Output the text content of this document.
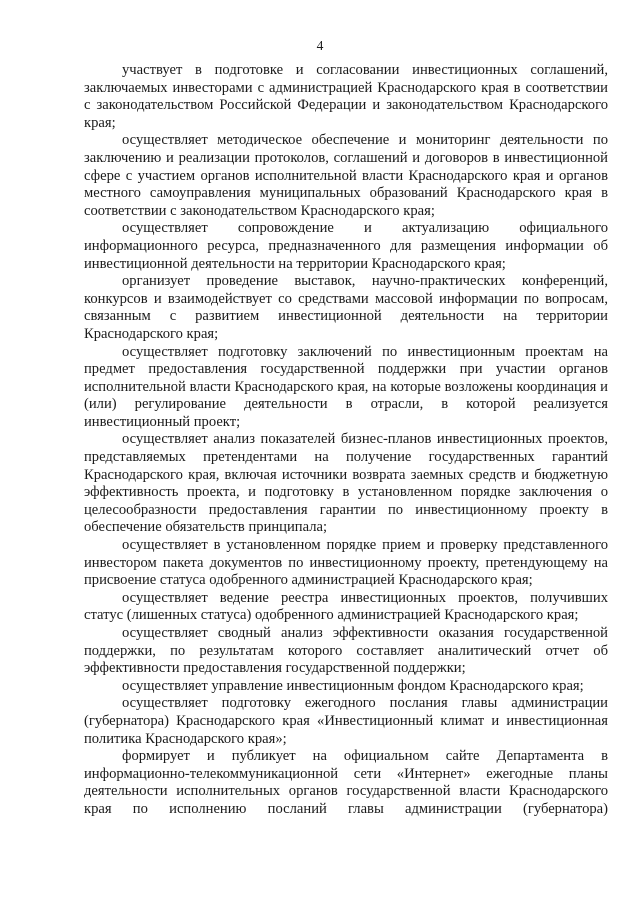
4

участвует в подготовке и согласовании инвестиционных соглашений, заключаемых инвесторами с администрацией Краснодарского края в соответствии с законодательством Российской Федерации и законодательством Краснодарского края;

осуществляет методическое обеспечение и мониторинг деятельности по заключению и реализации протоколов, соглашений и договоров в инвестиционной сфере с участием органов исполнительной власти Краснодарского края и органов местного самоуправления муниципальных образований Краснодарского края в соответствии с законодательством Краснодарского края;

осуществляет сопровождение и актуализацию официального информационного ресурса, предназначенного для размещения информации об инвестиционной деятельности на территории Краснодарского края;

организует проведение выставок, научно-практических конференций, конкурсов и взаимодействует со средствами массовой информации по вопросам, связанным с развитием инвестиционной деятельности на территории Краснодарского края;

осуществляет подготовку заключений по инвестиционным проектам на предмет предоставления государственной поддержки при участии органов исполнительной власти Краснодарского края, на которые возложены координация и (или) регулирование деятельности в отрасли, в которой реализуется инвестиционный проект;

осуществляет анализ показателей бизнес-планов инвестиционных проектов, представляемых претендентами на получение государственных гарантий Краснодарского края, включая источники возврата заемных средств и бюджетную эффективность проекта, и подготовку в установленном порядке заключения о целесообразности предоставления гарантии по инвестиционному проекту в обеспечение обязательств принципала;

осуществляет в установленном порядке прием и проверку представленного инвестором пакета документов по инвестиционному проекту, претендующему на присвоение статуса одобренного администрацией Краснодарского края;

осуществляет ведение реестра инвестиционных проектов, получивших статус (лишенных статуса) одобренного администрацией Краснодарского края;

осуществляет сводный анализ эффективности оказания государственной поддержки, по результатам которого составляет аналитический отчет об эффективности предоставления государственной поддержки;

осуществляет управление инвестиционным фондом Краснодарского края;

осуществляет подготовку ежегодного послания главы администрации (губернатора) Краснодарского края «Инвестиционный климат и инвестиционная политика Краснодарского края»;

формирует и публикует на официальном сайте Департамента в информационно-телекоммуникационной сети «Интернет» ежегодные планы деятельности исполнительных органов государственной власти Краснодарского края по исполнению посланий главы администрации (губернатора)
